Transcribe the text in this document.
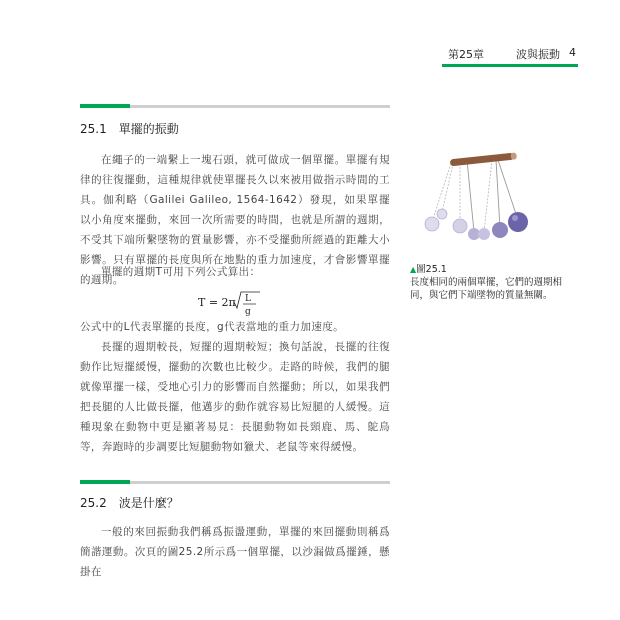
第25章	波與振動 4
25.1 單擺的振動

在繩子的一端繫上一塊石頭，就可做成一個單擺。單擺有規律的往復擺動，這種規律就使單擺長久以來被用做指示時間的工具。伽利略（Galilei Galileo, 1564-1642）發現，如果單擺以小角度來擺動，來回一次所需要的時間，也就是所謂的週期，不受其下端所繫墜物的質量影響，亦不受擺動所經過的距離大小影響。只有單擺的長度與所在地點的重力加速度，才會影響單擺的週期。

單擺的週期T可用下列公式算出：

T = 2π L
g

公式中的L代表單擺的長度，g代表當地的重力加速度。

長擺的週期較長，短擺的週期較短；換句話說，長擺的往復動作比短擺緩慢，擺動的次數也比較少。走路的時候，我們的腿就像單擺一樣，受地心引力的影響而自然擺動；所以，如果我們把長腿的人比做長擺，他邁步的動作就容易比短腿的人緩慢。這種現象在動物中更是顯著易見：長腿動物如長頸鹿、馬、鴕鳥等，奔跑時的步調要比短腿動物如獵犬、老鼠等來得緩慢。

▲圖25.1
長度相同的兩個單擺，它們的週期相同，與它們下端墜物的質量無關。
25.2 波是什麼？

一般的來回振動我們稱爲振盪運動，單擺的來回擺動則稱爲簡諧運動。次頁的圖25.2所示爲一個單擺，以沙漏做爲擺錘，懸掛在
